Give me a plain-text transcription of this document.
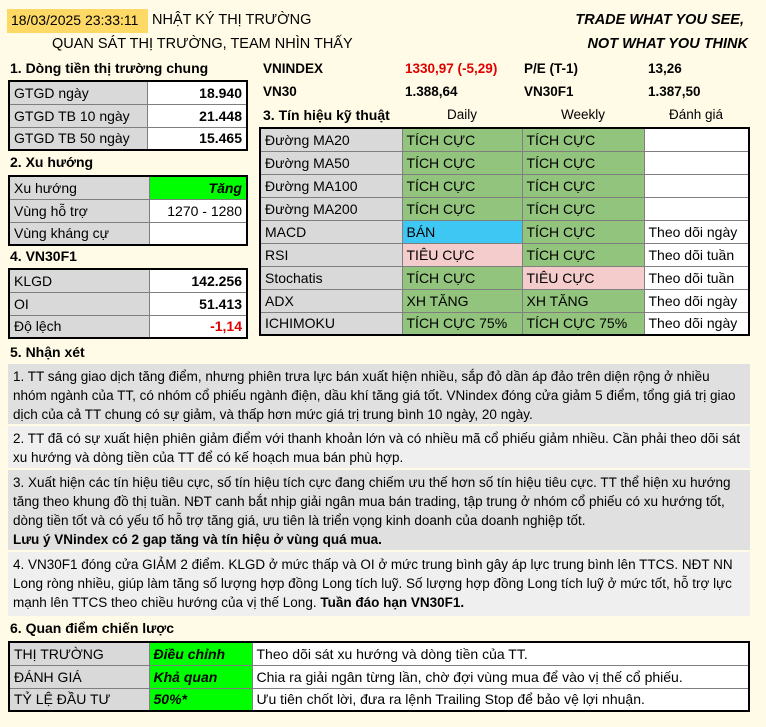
18/03/2025 23:33:11 NHẬT KÝ THỊ TRƯỜNG
QUAN SÁT THỊ TRƯỜNG, TEAM NHÌN THẤY
TRADE WHAT YOU SEE,
NOT WHAT YOU THINK
1. Dòng tiền thị trường chung
GTGD ngày	18.940
GTGD TB 10 ngày	21.448
GTGD TB 50 ngày	15.465
VNINDEX	1330,97 (-5,29) P/E (T-1)	13,26
VN30	1.388,64	VN30F1	1.387,50
2. Xu hướng
Xu hướng	Tăng
Vùng hỗ trợ	1270 - 1280
Vùng kháng cự	
4. VN30F1
KLGD	142.256
OI	51.413
Độ lệch	-1,14
3. Tín hiệu kỹ thuật	Daily	Weekly	Đánh giá
Đường MA20	TÍCH CỰC	TÍCH CỰC	
Đường MA50	TÍCH CỰC	TÍCH CỰC	
Đường MA100	TÍCH CỰC	TÍCH CỰC	
Đường MA200	TÍCH CỰC	TÍCH CỰC	
MACD	BÁN	TÍCH CỰC	Theo dõi ngày
RSI	TIÊU CỰC	TÍCH CỰC	Theo dõi tuần
Stochatis	TÍCH CỰC	TIÊU CỰC	Theo dõi tuần
ADX	XH TĂNG	XH TĂNG	Theo dõi ngày
ICHIMOKU	TÍCH CỰC 75%	TÍCH CỰC 75%	Theo dõi ngày
5. Nhận xét
1. TT sáng giao dịch tăng điểm, nhưng phiên trưa lực bán xuất hiện nhiều, sắp đỏ dần áp đảo trên diện rộng ở nhiều nhóm ngành của TT, có nhóm cổ phiếu ngành điện, dầu khí tăng giá tốt. VNindex đóng cửa giảm 5 điểm, tổng giá trị giao dịch của cả TT chung có sự giảm, và thấp hơn mức giá trị trung bình 10 ngày, 20 ngày.
2. TT đã có sự xuất hiện phiên giảm điểm với thanh khoản lớn và có nhiều mã cổ phiếu giảm nhiều. Cần phải theo dõi sát xu hướng và dòng tiền của TT để có kế hoạch mua bán phù hợp.
3. Xuất hiện các tín hiệu tiêu cực, số tín hiệu tích cực đang chiếm ưu thế hơn số tín hiệu tiêu cực. TT thể hiện xu hướng tăng theo khung đồ thị tuần. NĐT canh bắt nhịp giải ngân mua bán trading, tập trung ở nhóm cổ phiếu có xu hướng tốt, dòng tiền tốt và có yếu tố hỗ trợ tăng giá, ưu tiên là triển vọng kinh doanh của doanh nghiệp tốt.
Lưu ý VNindex có 2 gap tăng và tín hiệu ở vùng quá mua.
4. VN30F1 đóng cửa GIẢM 2 điểm. KLGD ở mức thấp và OI ở mức trung bình gây áp lực trung bình lên TTCS. NĐT NN Long ròng nhiều, giúp làm tăng số lượng hợp đồng Long tích luỹ. Số lượng hợp đồng Long tích luỹ ở mức tốt, hỗ trợ lực mạnh lên TTCS theo chiều hướng của vị thế Long. Tuần đáo hạn VN30F1.
6. Quan điểm chiến lược
THỊ TRƯỜNG	Điều chỉnh	Theo dõi sát xu hướng và dòng tiền của TT.
ĐÁNH GIÁ	Khả quan	Chia ra giải ngân từng lần, chờ đợi vùng mua để vào vị thế cổ phiếu.
TỶ LỆ ĐẦU TƯ	50%*	Ưu tiên chốt lời, đưa ra lệnh Trailing Stop để bảo vệ lợi nhuận.
